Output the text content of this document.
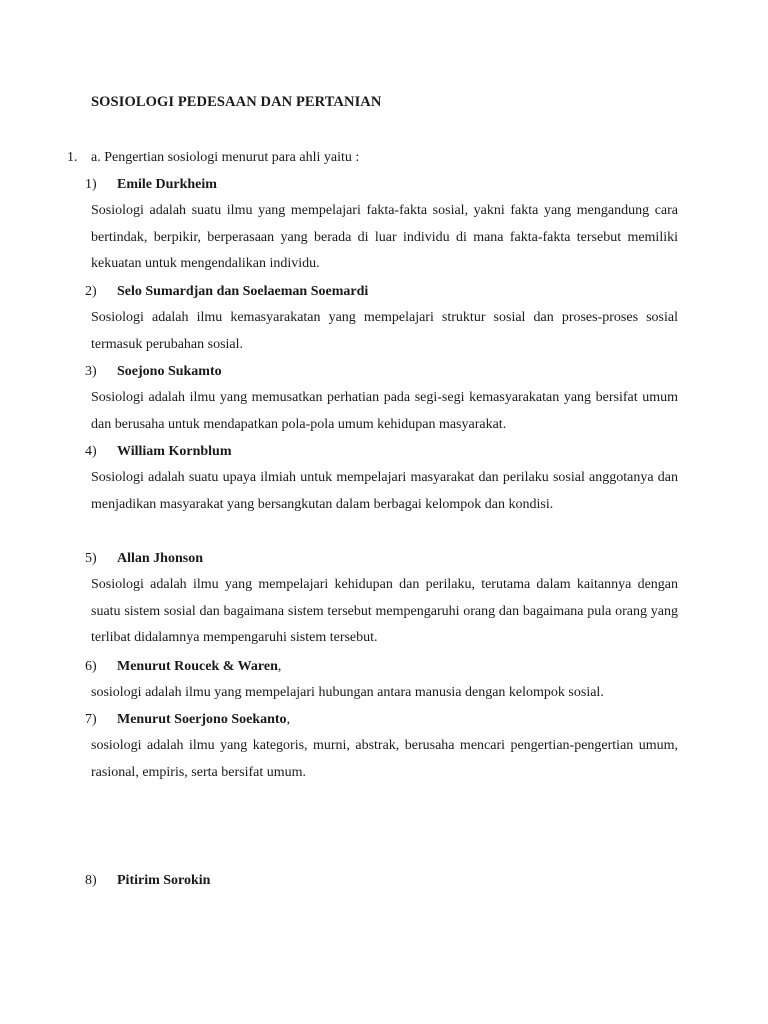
SOSIOLOGI PEDESAAN DAN PERTANIAN
1. a. Pengertian sosiologi menurut para ahli yaitu :
1) Emile Durkheim
Sosiologi adalah suatu ilmu yang mempelajari fakta-fakta sosial, yakni fakta yang mengandung cara bertindak, berpikir, berperasaan yang berada di luar individu di mana fakta-fakta tersebut memiliki kekuatan untuk mengendalikan individu.
2) Selo Sumardjan dan Soelaeman Soemardi
Sosiologi adalah ilmu kemasyarakatan yang mempelajari struktur sosial dan proses-proses sosial termasuk perubahan sosial.
3) Soejono Sukamto
Sosiologi adalah ilmu yang memusatkan perhatian pada segi-segi kemasyarakatan yang bersifat umum dan berusaha untuk mendapatkan pola-pola umum kehidupan masyarakat.
4) William Kornblum
Sosiologi adalah suatu upaya ilmiah untuk mempelajari masyarakat dan perilaku sosial anggotanya dan menjadikan masyarakat yang bersangkutan dalam berbagai kelompok dan kondisi.
5) Allan Jhonson
Sosiologi adalah ilmu yang mempelajari kehidupan dan perilaku, terutama dalam kaitannya dengan suatu sistem sosial dan bagaimana sistem tersebut mempengaruhi orang dan bagaimana pula orang yang terlibat didalamnya mempengaruhi sistem tersebut.
6) Menurut Roucek & Waren,
sosiologi adalah ilmu yang mempelajari hubungan antara manusia dengan kelompok sosial.
7) Menurut Soerjono Soekanto,
sosiologi adalah ilmu yang kategoris, murni, abstrak, berusaha mencari pengertian-pengertian umum, rasional, empiris, serta bersifat umum.
8) Pitirim Sorokin
